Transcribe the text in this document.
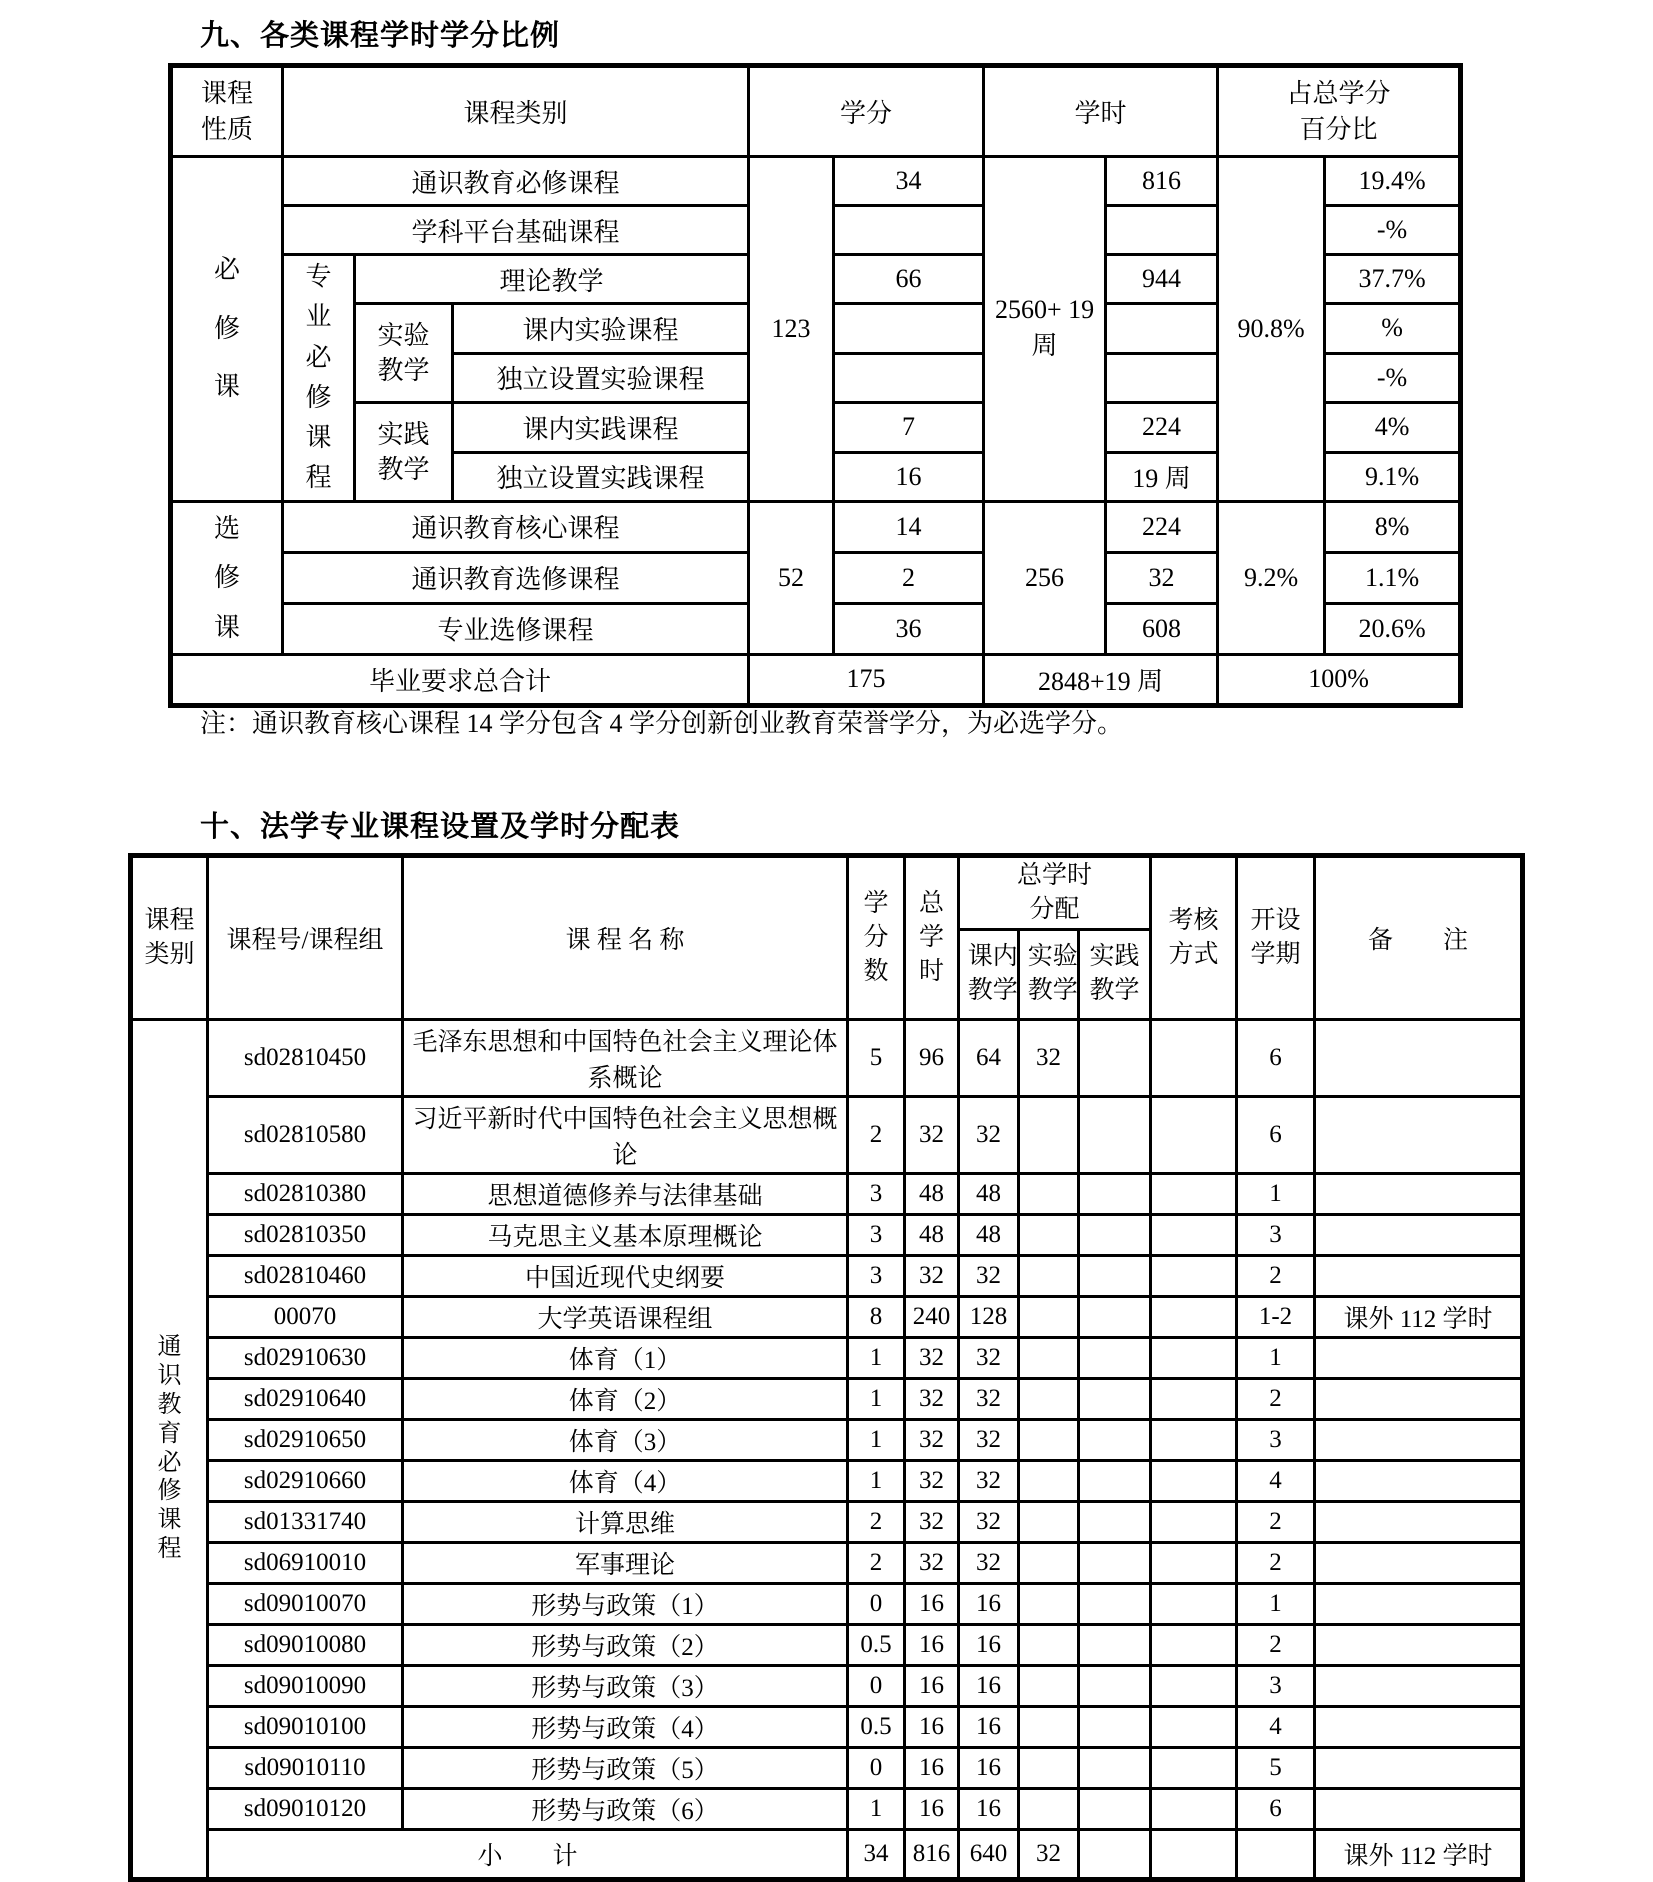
九、各类课程学时学分比例
课程性质	课程类别			学分		学时		占总学分百分比	
必修课	通识教育必修课程			123	34	2560+ 19 周	816	90.8%	19.4%
	学科平台基础课程								-%
	专业必修课程	理论教学			66		944		37.7%
		实验教学	课内实验课程						%
			独立设置实验课程						-%
		实践教学	课内实践课程		7		224		4%
			独立设置实践课程		16		19 周		9.1%
选修课	通识教育核心课程			52	14	256	224	9.2%	8%
	通识教育选修课程				2		32		1.1%
	专业选修课程				36		608		20.6%
毕业要求总合计				175		2848+19 周		100%	
注：通识教育核心课程 14 学分包含 4 学分创新创业教育荣誉学分，为必选学分。
十、法学专业课程设置及学时分配表
课程类别	课程号/课程组	课 程 名 称	学分数	总学时	总学时分配			考核方式	开设学期	备　　注
					课内教学	实验教学	实践教学			
通识教育必修课程	sd02810450	毛泽东思想和中国特色社会主义理论体系概论	5	96	64	32			6	
	sd02810580	习近平新时代中国特色社会主义思想概论	2	32	32				6	
	sd02810380	思想道德修养与法律基础	3	48	48				1	
	sd02810350	马克思主义基本原理概论	3	48	48				3	
	sd02810460	中国近现代史纲要	3	32	32				2	
	00070	大学英语课程组	8	240	128				1-2	课外 112 学时
	sd02910630	体育（1）	1	32	32				1	
	sd02910640	体育（2）	1	32	32				2	
	sd02910650	体育（3）	1	32	32				3	
	sd02910660	体育（4）	1	32	32				4	
	sd01331740	计算思维	2	32	32				2	
	sd06910010	军事理论	2	32	32				2	
	sd09010070	形势与政策（1）	0	16	16				1	
	sd09010080	形势与政策（2）	0.5	16	16				2	
	sd09010090	形势与政策（3）	0	16	16				3	
	sd09010100	形势与政策（4）	0.5	16	16				4	
	sd09010110	形势与政策（5）	0	16	16				5	
	sd09010120	形势与政策（6）	1	16	16				6	
	小　　计		34	816	640	32				课外 112 学时
